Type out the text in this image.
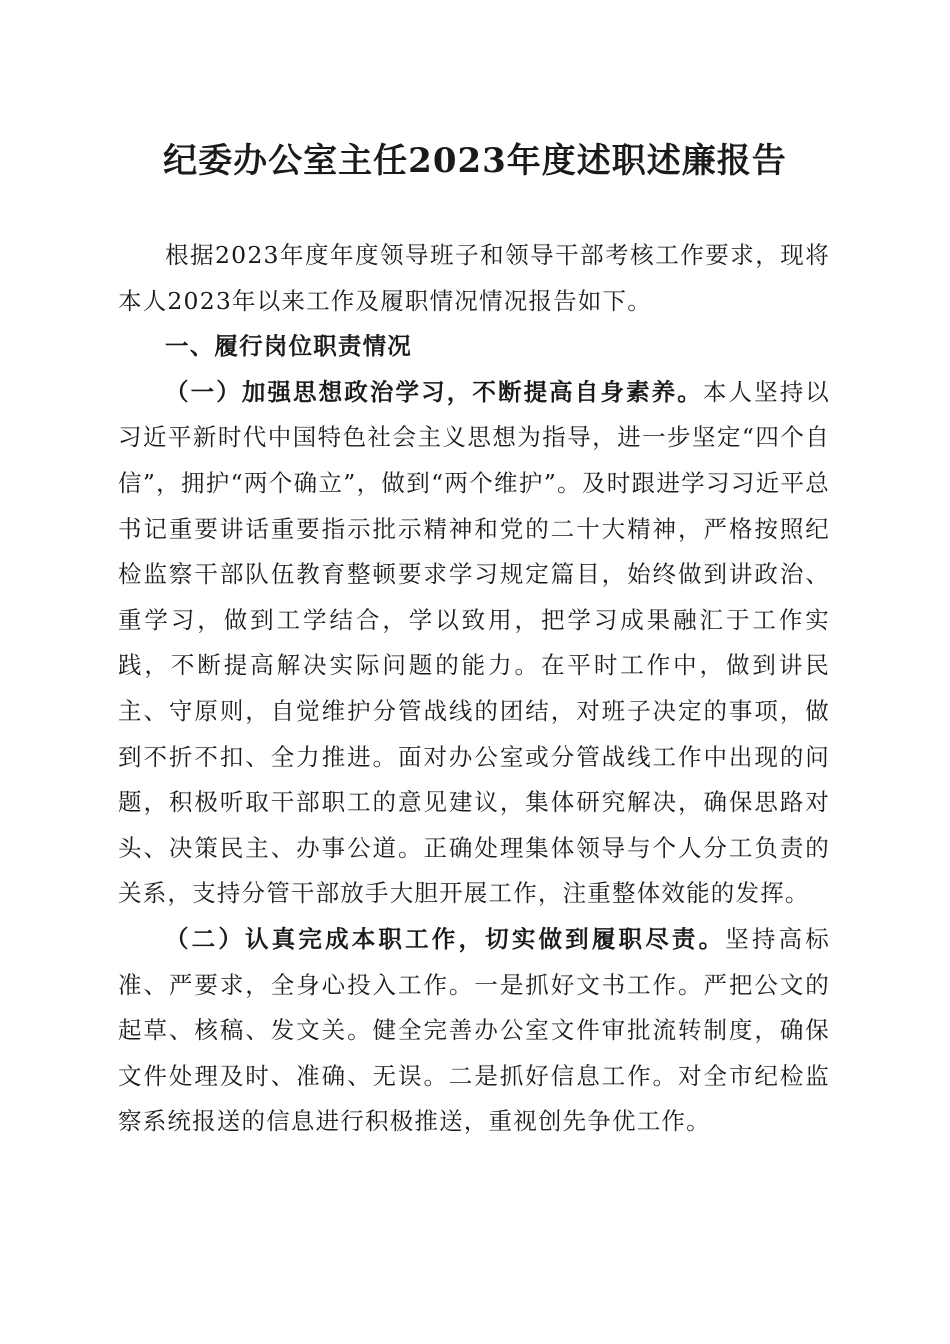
纪委办公室主任2023年度述职述廉报告

根据2023年度年度领导班子和领导干部考核工作要求，现将本人2023年以来工作及履职情况情况报告如下。

一、履行岗位职责情况

（一）加强思想政治学习，不断提高自身素养。本人坚持以习近平新时代中国特色社会主义思想为指导，进一步坚定“四个自信”，拥护“两个确立”，做到“两个维护”。及时跟进学习习近平总书记重要讲话重要指示批示精神和党的二十大精神，严格按照纪检监察干部队伍教育整顿要求学习规定篇目，始终做到讲政治、重学习，做到工学结合，学以致用，把学习成果融汇于工作实践，不断提高解决实际问题的能力。在平时工作中，做到讲民主、守原则，自觉维护分管战线的团结，对班子决定的事项，做到不折不扣、全力推进。面对办公室或分管战线工作中出现的问题，积极听取干部职工的意见建议，集体研究解决，确保思路对头、决策民主、办事公道。正确处理集体领导与个人分工负责的关系，支持分管干部放手大胆开展工作，注重整体效能的发挥。

（二）认真完成本职工作，切实做到履职尽责。坚持高标准、严要求，全身心投入工作。一是抓好文书工作。严把公文的起草、核稿、发文关。健全完善办公室文件审批流转制度，确保文件处理及时、准确、无误。二是抓好信息工作。对全市纪检监察系统报送的信息进行积极推送，重视创先争优工作。
